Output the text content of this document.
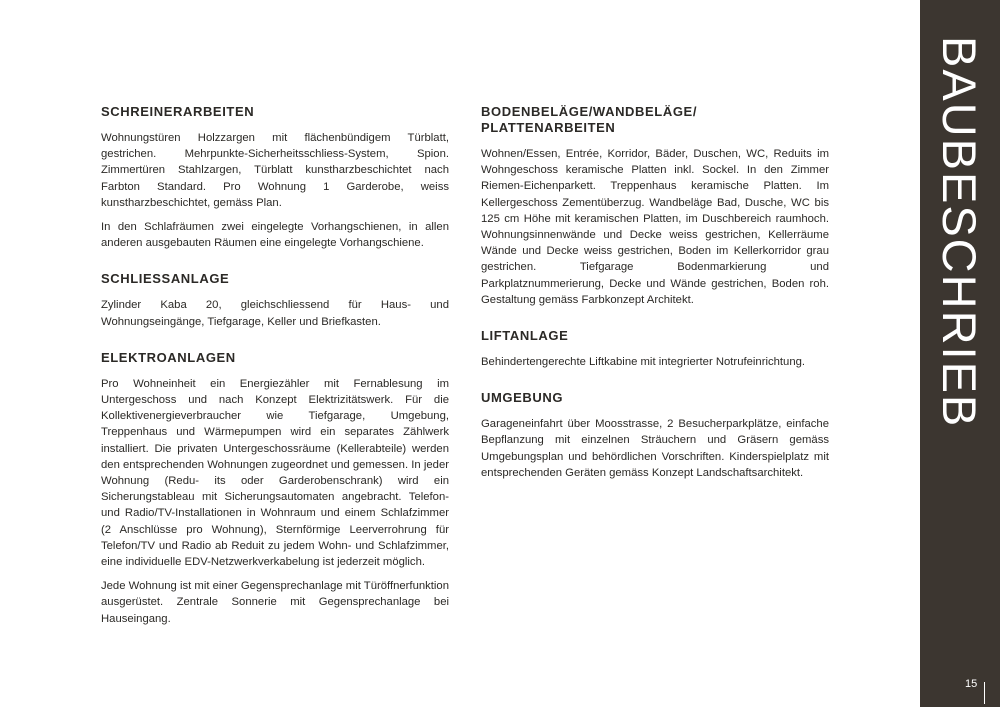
SCHREINERARBEITEN

Wohnungstüren Holzzargen mit flächenbündigem Türblatt, gestrichen. Mehrpunkte-Sicherheitsschliess-System, Spion. Zimmertüren Stahlzargen, Türblatt kunstharzbeschichtet nach Farbton Standard. Pro Wohnung 1 Garderobe, weiss kunstharzbeschichtet, gemäss Plan.

In den Schlafräumen zwei eingelegte Vorhangschienen, in allen anderen ausgebauten Räumen eine eingelegte Vorhangschiene.

SCHLIESSANLAGE

Zylinder Kaba 20, gleichschliessend für Haus- und Wohnungseingänge, Tiefgarage, Keller und Briefkasten.

ELEKTROANLAGEN

Pro Wohneinheit ein Energiezähler mit Fernablesung im Untergeschoss und nach Konzept Elektrizitätswerk. Für die Kollektivenergieverbraucher wie Tiefgarage, Umgebung, Treppenhaus und Wärmepumpen wird ein separates Zählwerk installiert. Die privaten Untergeschossräume (Kellerabteile) werden den entsprechenden Wohnungen zugeordnet und gemessen. In jeder Wohnung (Redu- its oder Garderobenschrank) wird ein Sicherungstableau mit Sicherungsautomaten angebracht. Telefon- und Radio/TV-Installationen in Wohnraum und einem Schlafzimmer (2 Anschlüsse pro Wohnung), Sternförmige Leerverrohrung für Telefon/TV und Radio ab Reduit zu jedem Wohn- und Schlafzimmer, eine individuelle EDV-Netzwerkverkabelung ist jederzeit möglich.

Jede Wohnung ist mit einer Gegensprechanlage mit Türöffnerfunktion ausgerüstet. Zentrale Sonnerie mit Gegensprechanlage bei Hauseingang.

BODENBELÄGE/WANDBELÄGE/ PLATTENARBEITEN

Wohnen/Essen, Entrée, Korridor, Bäder, Duschen, WC, Reduits im Wohngeschoss keramische Platten inkl. Sockel. In den Zimmer Riemen-Eichenparkett. Treppenhaus keramische Platten. Im Kellergeschoss Zementüberzug. Wandbeläge Bad, Dusche, WC bis 125 cm Höhe mit keramischen Platten, im Duschbereich raumhoch. Wohnungsinnenwände und Decke weiss gestrichen, Kellerräume Wände und Decke weiss gestrichen, Boden im Kellerkorridor grau gestrichen. Tiefgarage Bodenmarkierung und Parkplatznummerierung, Decke und Wände gestrichen, Boden roh. Gestaltung gemäss Farbkonzept Architekt.

LIFTANLAGE

Behindertengerechte Liftkabine mit integrierter Notrufeinrichtung.

UMGEBUNG

Garageneinfahrt über Moosstrasse, 2 Besucherparkplätze, einfache Bepflanzung mit einzelnen Sträuchern und Gräsern gemäss Umgebungsplan und behördlichen Vorschriften. Kinderspielplatz mit entsprechenden Geräten gemäss Konzept Landschaftsarchitekt.

BAUBESCHRIEB
15
